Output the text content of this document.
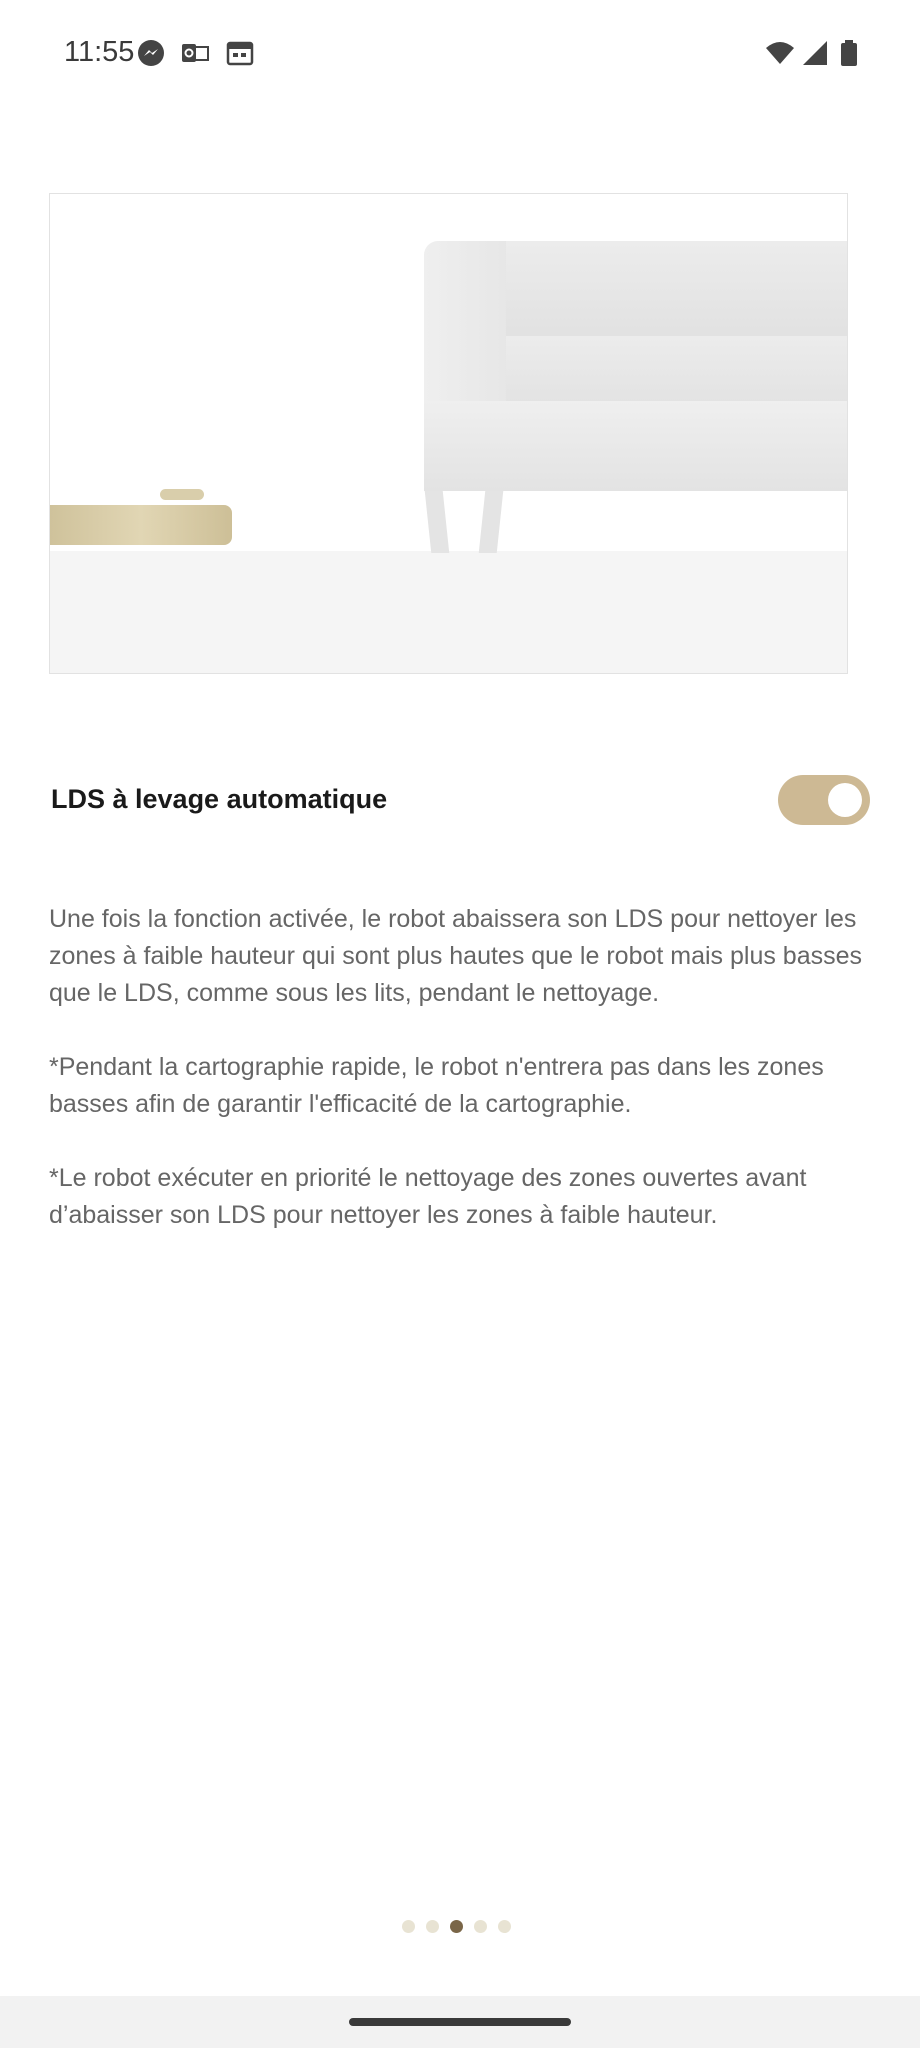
11:55
LDS à levage automatique

Une fois la fonction activée, le robot abaissera son LDS pour nettoyer les zones à faible hauteur qui sont plus hautes que le robot mais plus basses que le LDS, comme sous les lits, pendant le nettoyage.

*Pendant la cartographie rapide, le robot n'entrera pas dans les zones basses afin de garantir l'efficacité de la cartographie.

*Le robot exécuter en priorité le nettoyage des zones ouvertes avant d’abaisser son LDS pour nettoyer les zones à faible hauteur.
